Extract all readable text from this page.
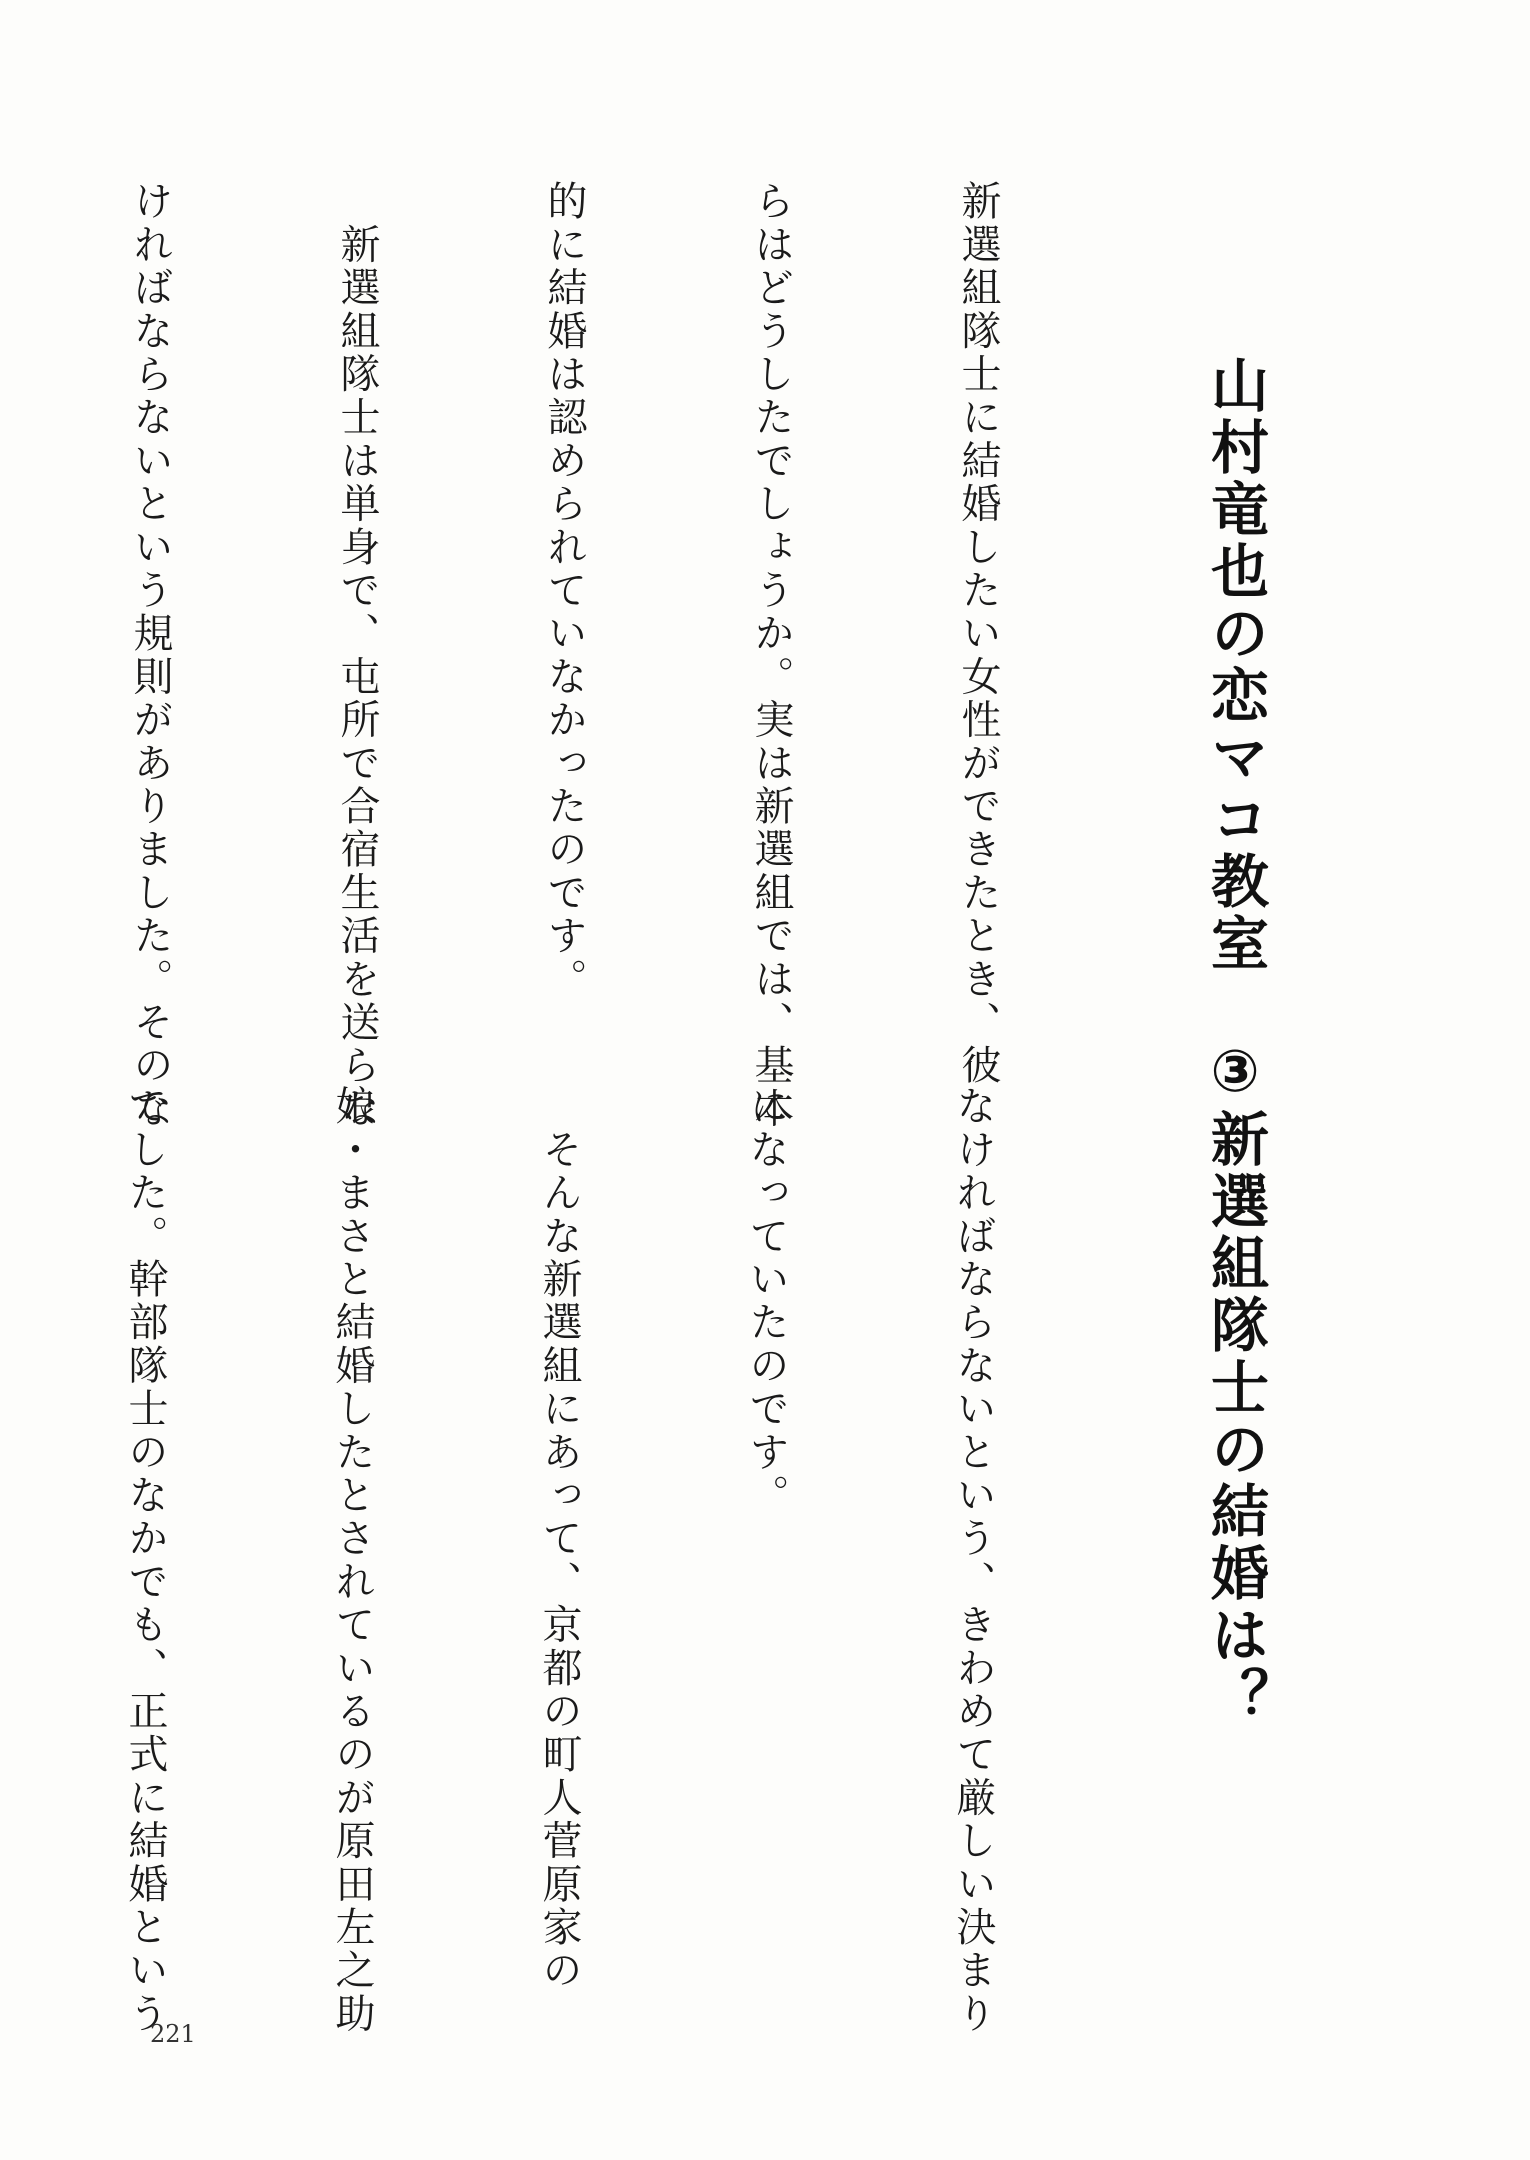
山村竜也の恋マコ教室　③新選組隊士の結婚は？

新選組隊士に結婚したい女性ができたとき、彼

らはどうしたでしょうか。実は新選組では、基本

的に結婚は認められていなかったのです。

　新選組隊士は単身で、屯所で合宿生活を送らな

ければならないという規則がありました。そのな

なければならないという、きわめて厳しい決まり

になっていたのです。

　そんな新選組にあって、京都の町人菅原家の

娘・まさと結婚したとされているのが原田左之助

でした。幹部隊士のなかでも、正式に結婚という

221
